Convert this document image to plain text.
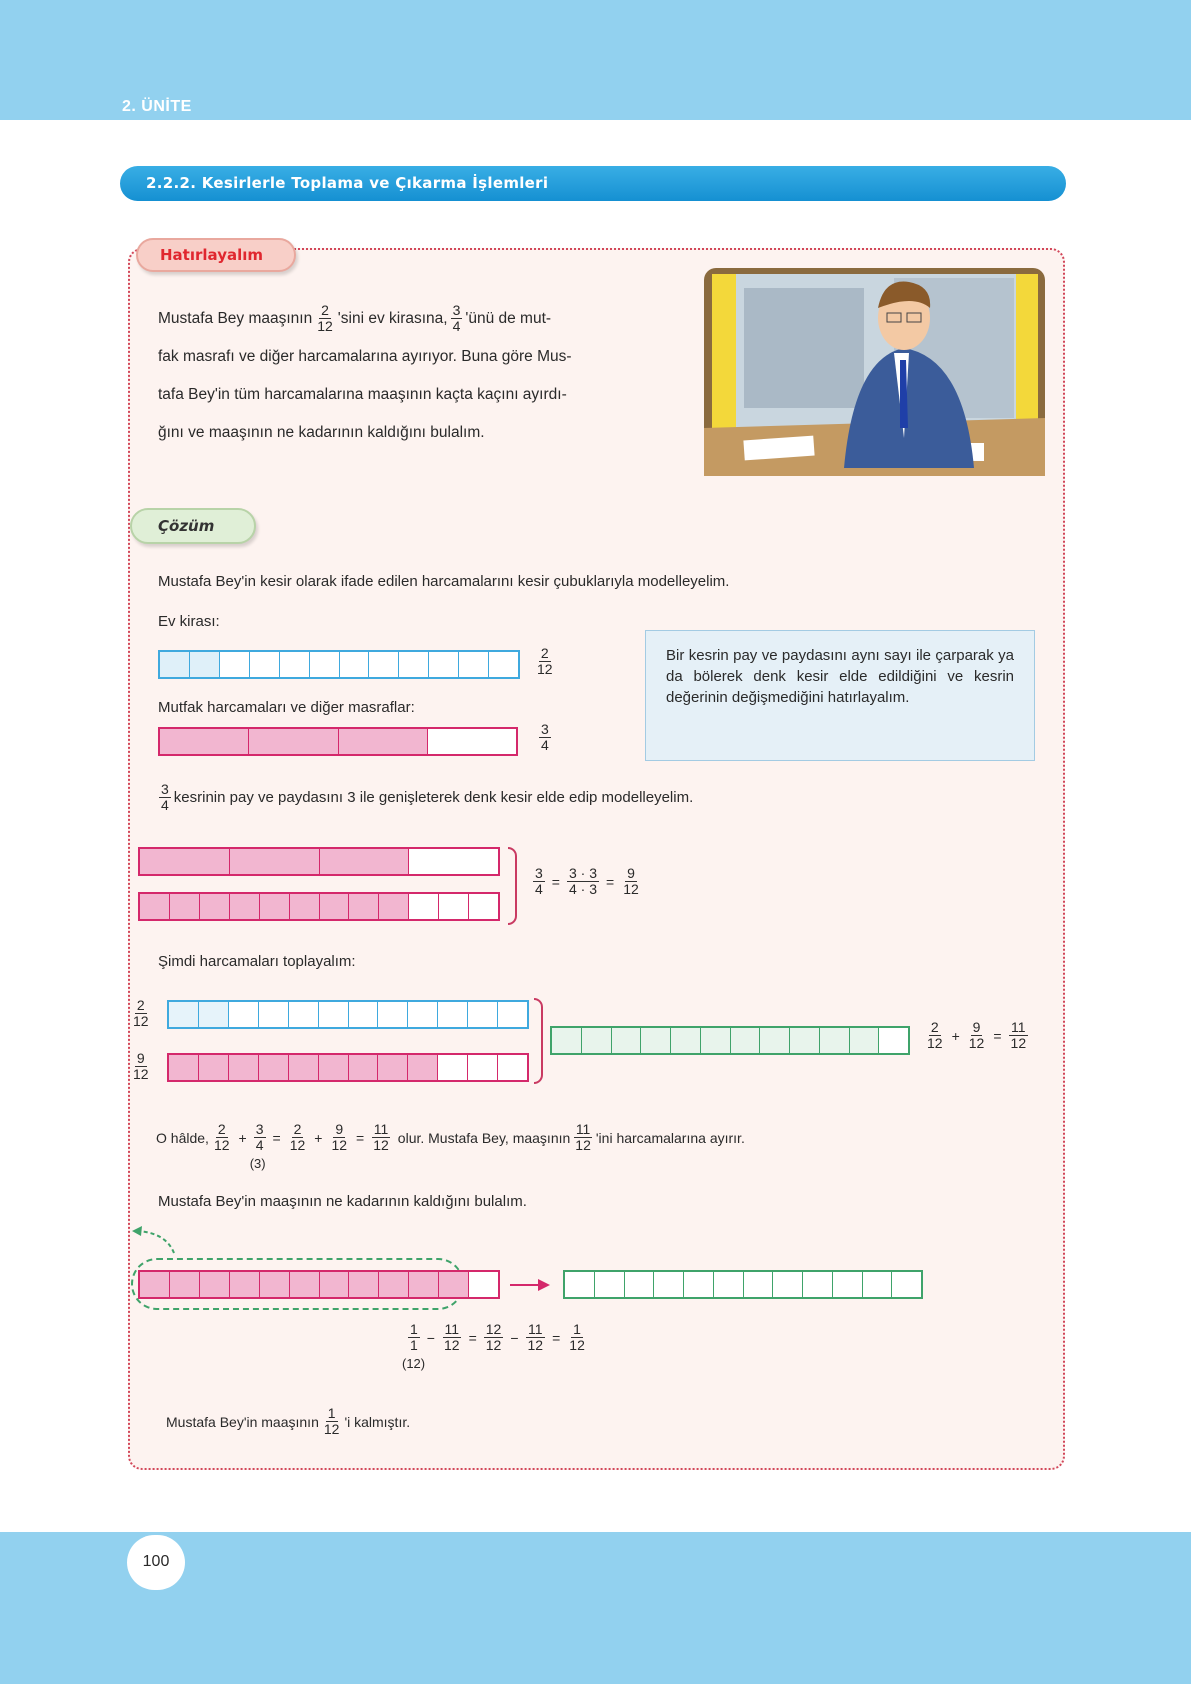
2. ÜNİTE
2.2.2. Kesirlerle Toplama ve Çıkarma İşlemleri
Hatırlayalım
Mustafa Bey maaşının $\frac{2}{12}$ 'sini ev kirasına, $\frac{3}{4}$ 'ünü de mut-
fak masrafı ve diğer harcamalarına ayırıyor. Buna göre Mus-
tafa Bey'in tüm harcamalarına maaşının kaçta kaçını ayırdı-
ğını ve maaşının ne kadarının kaldığını bulalım.
Çözüm
Mustafa Bey'in kesir olarak ifade edilen harcamalarını kesir çubuklarıyla modelleyelim.
Ev kirası:
$\frac{2}{12}$
Mutfak harcamaları ve diğer masraflar:
$\frac{3}{4}$
Bir kesrin pay ve paydasını aynı sayı ile çarparak ya da bölerek denk kesir elde edildiğini ve kesrin değerinin değişmediğini hatırlayalım.
$\frac{3}{4}$ kesrinin pay ve paydasını 3 ile genişleterek denk kesir elde edip modelleyelim.
$\frac{3}{4} = \frac{3 \cdot 3}{4 \cdot 3} = \frac{9}{12}$
Şimdi harcamaları toplayalım:
$\frac{2}{12}$
$\frac{9}{12}$
$\frac{2}{12} + \frac{9}{12} = \frac{11}{12}$
O hâlde, $\frac{2}{12}$ +
3
4
(3)
= $\frac{2}{12} + \frac{9}{12} = \frac{11}{12}$ olur. Mustafa Bey, maaşının $\frac{11}{12}$ 'ini harcamalarına ayırır.
Mustafa Bey'in maaşının ne kadarının kaldığını bulalım.
1
1
(12)
− $\frac{11}{12} = \frac{12}{12} - \frac{11}{12} = \frac{1}{12}$
Mustafa Bey'in maaşının $\frac{1}{12}$ 'i kalmıştır.
100
